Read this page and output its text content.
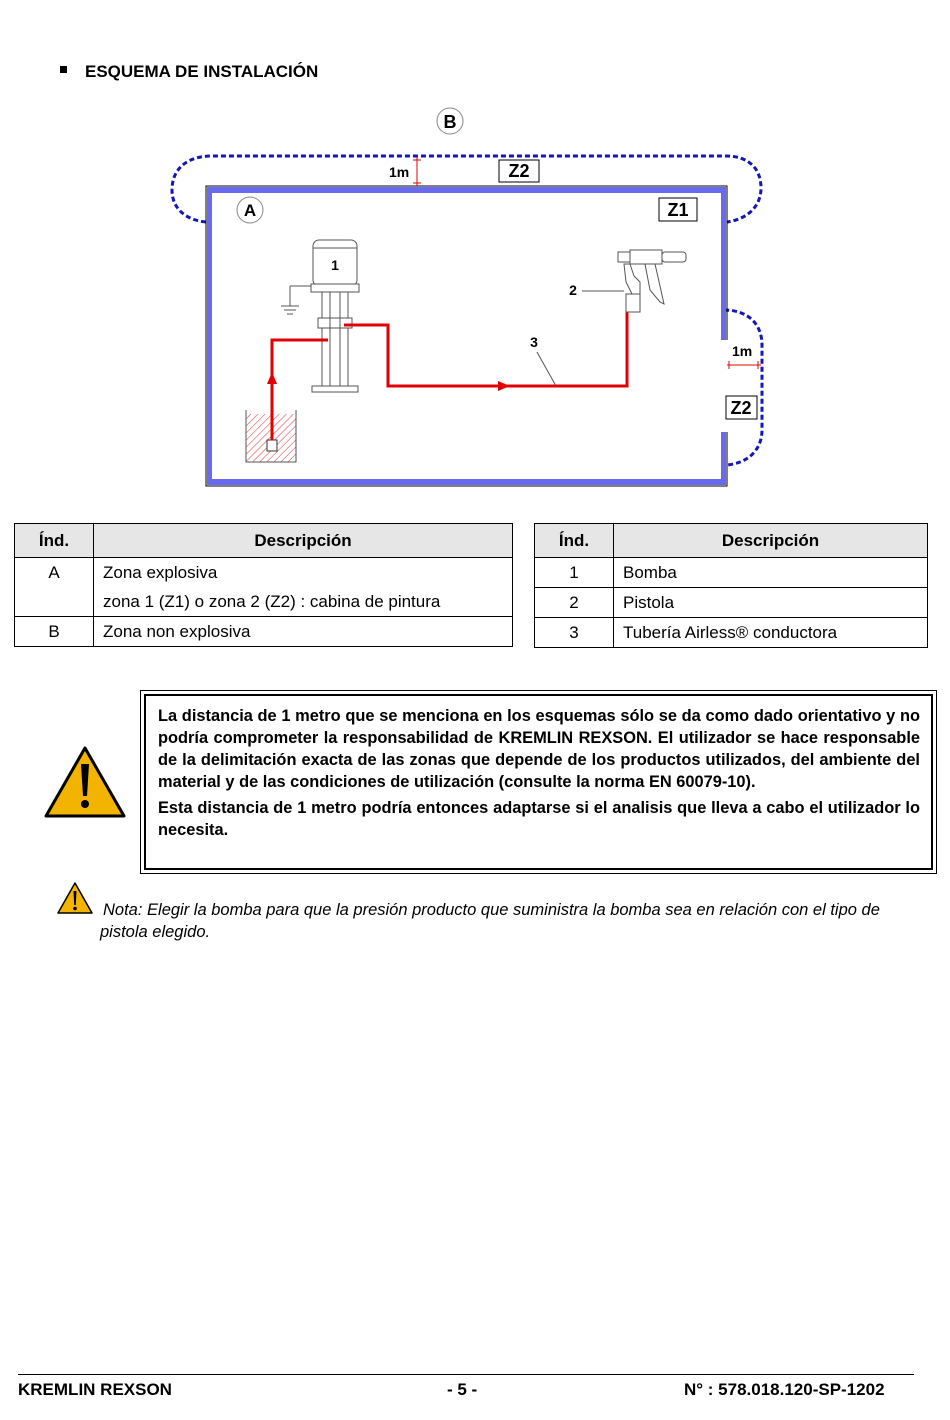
ESQUEMA DE INSTALACIÓN
B
A
1m	Z2
Z1
Z2
1m
1
2
3
Índ.	Descripción
A	Zona explosiva
	zona 1 (Z1) o zona 2 (Z2) : cabina de pintura
B	Zona non explosiva
Índ.	Descripción
1	Bomba
2	Pistola
3	Tubería Airless® conductora

La distancia de 1 metro que se menciona en los esquemas sólo se da como dado orientativo y no podría comprometer la responsabilidad de KREMLIN REXSON. El utilizador se hace responsable de la delimitación exacta de las zonas que depende de los productos utilizados, del ambiente del material y de las condiciones de utilización (consulte la norma EN 60079-10).

Esta distancia de 1 metro podría entonces adaptarse si el analisis que lleva a cabo el utilizador lo necesita.

Nota: Elegir la bomba para que la presión producto que suministra la bomba sea en relación con el tipo de pistola elegido.
KREMLIN REXSON	- 5 -	N° : 578.018.120-SP-1202
